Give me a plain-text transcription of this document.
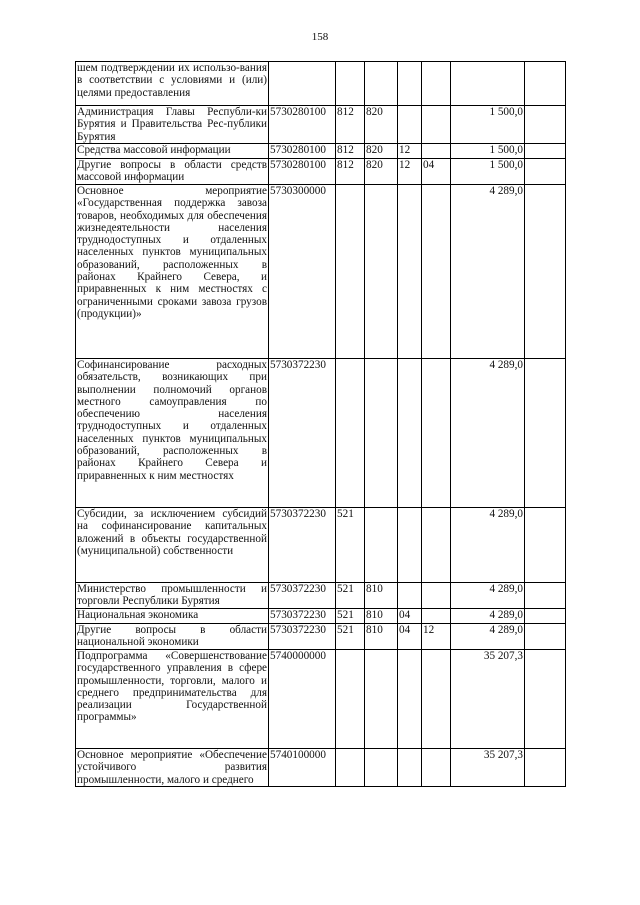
158
шем подтверждении их использо-вания в соответствии с условиями и (или) целями предоставления							
Администрация Главы Республи-ки Бурятия и Правительства Рес-публики Бурятия	5730280100	812	820			1 500,0	
Средства массовой информации	5730280100	812	820	12		1 500,0	
Другие вопросы в области средств массовой информации	5730280100	812	820	12	04	1 500,0	
Основное мероприятие «Государственная поддержка завоза товаров, необходимых для обеспечения жизнедеятельности населения труднодоступных и отдаленных населенных пунктов муниципальных образований, расположенных в районах Крайнего Севера, и приравненных к ним местностях с ограниченными сроками завоза грузов (продукции)»	5730300000					4 289,0	
Софинансирование расходных обязательств, возникающих при выполнении полномочий органов местного самоуправления по обеспечению населения труднодоступных и отдаленных населенных пунктов муниципальных образований, расположенных в районах Крайнего Севера и приравненных к ним местностях	5730372230					4 289,0	
Субсидии, за исключением субсидий на софинансирование капитальных вложений в объекты государственной (муниципальной) собственности	5730372230	521				4 289,0	
Министерство промышленности и торговли Республики Бурятия	5730372230	521	810			4 289,0	
Национальная экономика	5730372230	521	810	04		4 289,0	
Другие вопросы в области национальной экономики	5730372230	521	810	04	12	4 289,0	
Подпрограмма «Совершенствование государственного управления в сфере промышленности, торговли, малого и среднего предпринимательства для реализации Государственной программы»	5740000000					35 207,3	
Основное мероприятие «Обеспечение устойчивого развития промышленности, малого и среднего	5740100000					35 207,3	
